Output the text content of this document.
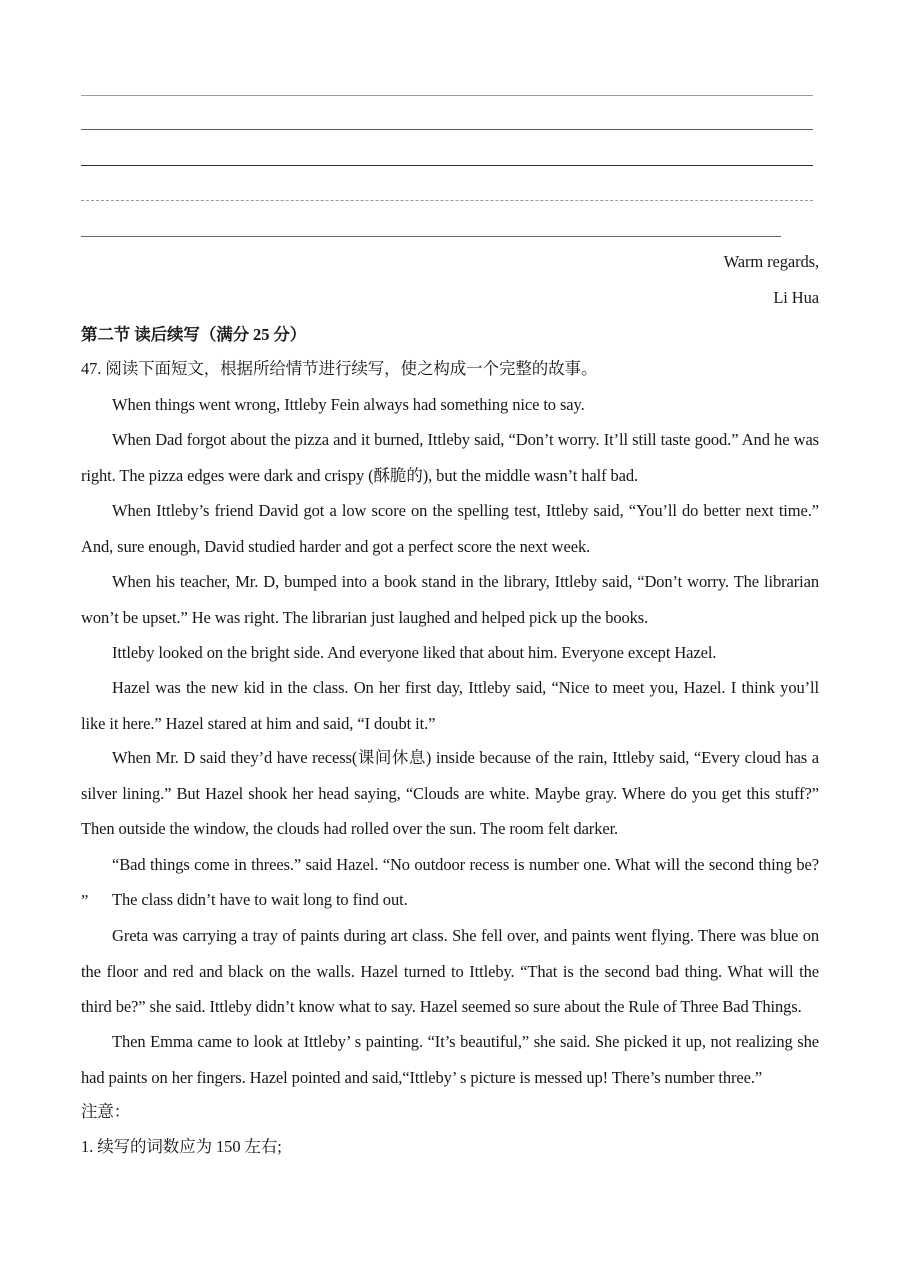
Warm regards,

Li Hua

第二节 读后续写（满分 25 分）

47. 阅读下面短文，根据所给情节进行续写，使之构成一个完整的故事。

When things went wrong, Ittleby Fein always had something nice to say.

When Dad forgot about the pizza and it burned, Ittleby said, “Don’t worry. It’ll still taste good.” And he was right. The pizza edges were dark and crispy (酥脆的), but the middle wasn’t half bad.

When Ittleby’s friend David got a low score on the spelling test, Ittleby said, “You’ll do better next time.” And, sure enough, David studied harder and got a perfect score the next week.

When his teacher, Mr. D, bumped into a book stand in the library, Ittleby said, “Don’t worry. The librarian won’t be upset.” He was right. The librarian just laughed and helped pick up the books.

Ittleby looked on the bright side. And everyone liked that about him. Everyone except Hazel.

Hazel was the new kid in the class. On her first day, Ittleby said, “Nice to meet you, Hazel. I think you’ll like it here.” Hazel stared at him and said, “I doubt it.”

When Mr. D said they’d have recess(课间休息) inside because of the rain, Ittleby said, “Every cloud has a silver lining.” But Hazel shook her head saying, “Clouds are white. Maybe gray. Where do you get this stuff?” Then outside the window, the clouds had rolled over the sun. The room felt darker.

“Bad things come in threes.” said Hazel. “No outdoor recess is number one. What will the second thing be? ”	The class didn’t have to wait long to find out.

Greta was carrying a tray of paints during art class. She fell over, and paints went flying. There was blue on the floor and red and black on the walls. Hazel turned to Ittleby. “That is the second bad thing. What will the third be?” she said. Ittleby didn’t know what to say. Hazel seemed so sure about the Rule of Three Bad Things.

Then Emma came to look at Ittleby’ s painting. “It’s beautiful,” she said. She picked it up, not realizing she had paints on her fingers. Hazel pointed and said,“Ittleby’ s picture is messed up! There’s number three.”

注意：

1. 续写的词数应为 150 左右;
